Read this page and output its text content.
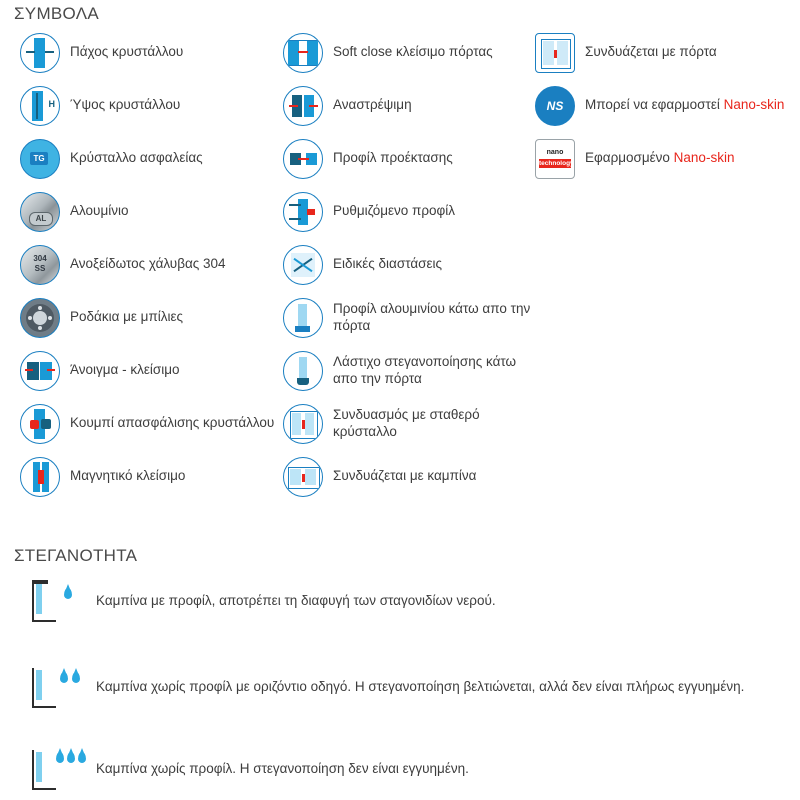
ΣΥΜΒΟΛΑ
Πάχος κρυστάλλου
H Ύψος κρυστάλλου
TG Κρύσταλλο ασφαλείας
AL
Αλουμίνιο
304
SS	Ανοξείδωτος χάλυβας 304
Ροδάκια με μπίλιες
Άνοιγμα - κλείσιμο
Κουμπί απασφάλισης κρυστάλλου
Μαγνητικό κλείσιμο
Soft close κλείσιμο πόρτας
Αναστρέψιμη
Προφίλ προέκτασης
Ρυθμιζόμενο προφίλ
Ειδικές διαστάσεις
Προφίλ αλουμινίου κάτω απο την πόρτα
Λάστιχο στεγανοποίησης κάτω απο την πόρτα
Συνδυασμός με σταθερό κρύσταλλο
Συνδυάζεται με καμπίνα
Συνδυάζεται με πόρτα
NS	Μπορεί να εφαρμοστεί Nano-skin
nano
technology Εφαρμοσμένο Nano-skin
ΣΤΕΓΑΝΟΤΗΤΑ
Καμπίνα με προφίλ, αποτρέπει τη διαφυγή των σταγονιδίων νερού.
Καμπίνα χωρίς προφίλ με οριζόντιο οδηγό. Η στεγανοποίηση βελτιώνεται, αλλά δεν είναι πλήρως εγγυημένη.
Καμπίνα χωρίς προφίλ. Η στεγανοποίηση δεν είναι εγγυημένη.
